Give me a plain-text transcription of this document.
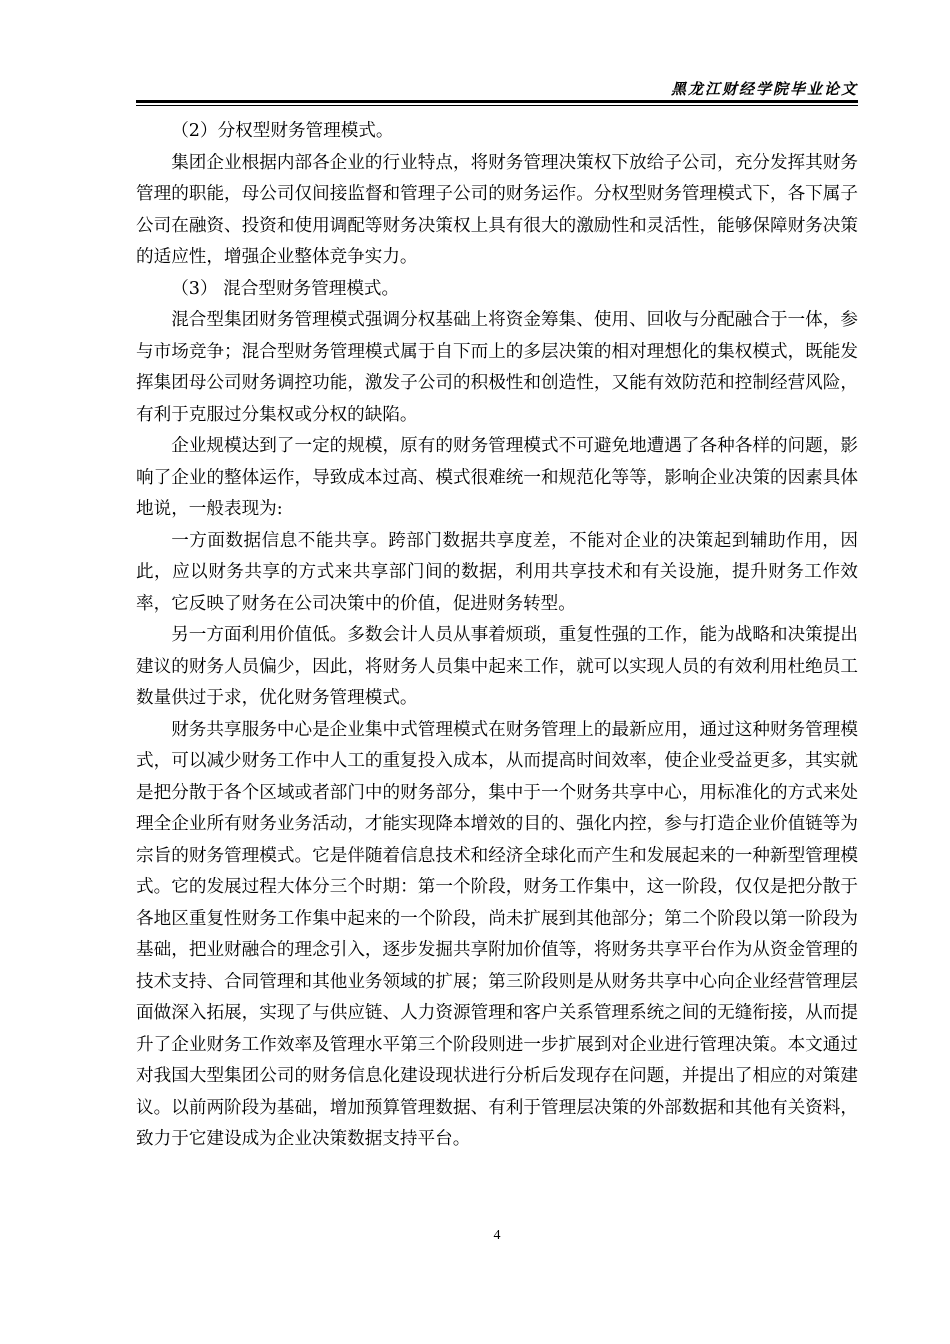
黑龙江财经学院毕业论文

（2）分权型财务管理模式。

集团企业根据内部各企业的行业特点，将财务管理决策权下放给子公司，充分发挥其财务管理的职能，母公司仅间接监督和管理子公司的财务运作。分权型财务管理模式下，各下属子公司在融资、投资和使用调配等财务决策权上具有很大的激励性和灵活性，能够保障财务决策的适应性，增强企业整体竞争实力。

（3） 混合型财务管理模式。

混合型集团财务管理模式强调分权基础上将资金筹集、使用、回收与分配融合于一体，参与市场竞争；混合型财务管理模式属于自下而上的多层决策的相对理想化的集权模式，既能发挥集团母公司财务调控功能，激发子公司的积极性和创造性，又能有效防范和控制经营风险，有利于克服过分集权或分权的缺陷。

企业规模达到了一定的规模，原有的财务管理模式不可避免地遭遇了各种各样的问题，影响了企业的整体运作，导致成本过高、模式很难统一和规范化等等，影响企业决策的因素具体地说，一般表现为:

一方面数据信息不能共享。跨部门数据共享度差，不能对企业的决策起到辅助作用，因此，应以财务共享的方式来共享部门间的数据，利用共享技术和有关设施，提升财务工作效率，它反映了财务在公司决策中的价值，促进财务转型。

另一方面利用价值低。多数会计人员从事着烦琐，重复性强的工作，能为战略和决策提出建议的财务人员偏少，因此，将财务人员集中起来工作，就可以实现人员的有效利用杜绝员工数量供过于求，优化财务管理模式。

财务共享服务中心是企业集中式管理模式在财务管理上的最新应用，通过这种财务管理模式，可以减少财务工作中人工的重复投入成本，从而提高时间效率，使企业受益更多，其实就是把分散于各个区域或者部门中的财务部分，集中于一个财务共享中心，用标准化的方式来处理全企业所有财务业务活动，才能实现降本增效的目的、强化内控，参与打造企业价值链等为宗旨的财务管理模式。它是伴随着信息技术和经济全球化而产生和发展起来的一种新型管理模式。它的发展过程大体分三个时期：第一个阶段，财务工作集中，这一阶段，仅仅是把分散于各地区重复性财务工作集中起来的一个阶段，尚未扩展到其他部分；第二个阶段以第一阶段为基础，把业财融合的理念引入，逐步发掘共享附加价值等，将财务共享平台作为从资金管理的技术支持、合同管理和其他业务领域的扩展；第三阶段则是从财务共享中心向企业经营管理层面做深入拓展，实现了与供应链、人力资源管理和客户关系管理系统之间的无缝衔接，从而提升了企业财务工作效率及管理水平第三个阶段则进一步扩展到对企业进行管理决策。本文通过对我国大型集团公司的财务信息化建设现状进行分析后发现存在问题，并提出了相应的对策建议。以前两阶段为基础，增加预算管理数据、有利于管理层决策的外部数据和其他有关资料，致力于它建设成为企业决策数据支持平台。

4
